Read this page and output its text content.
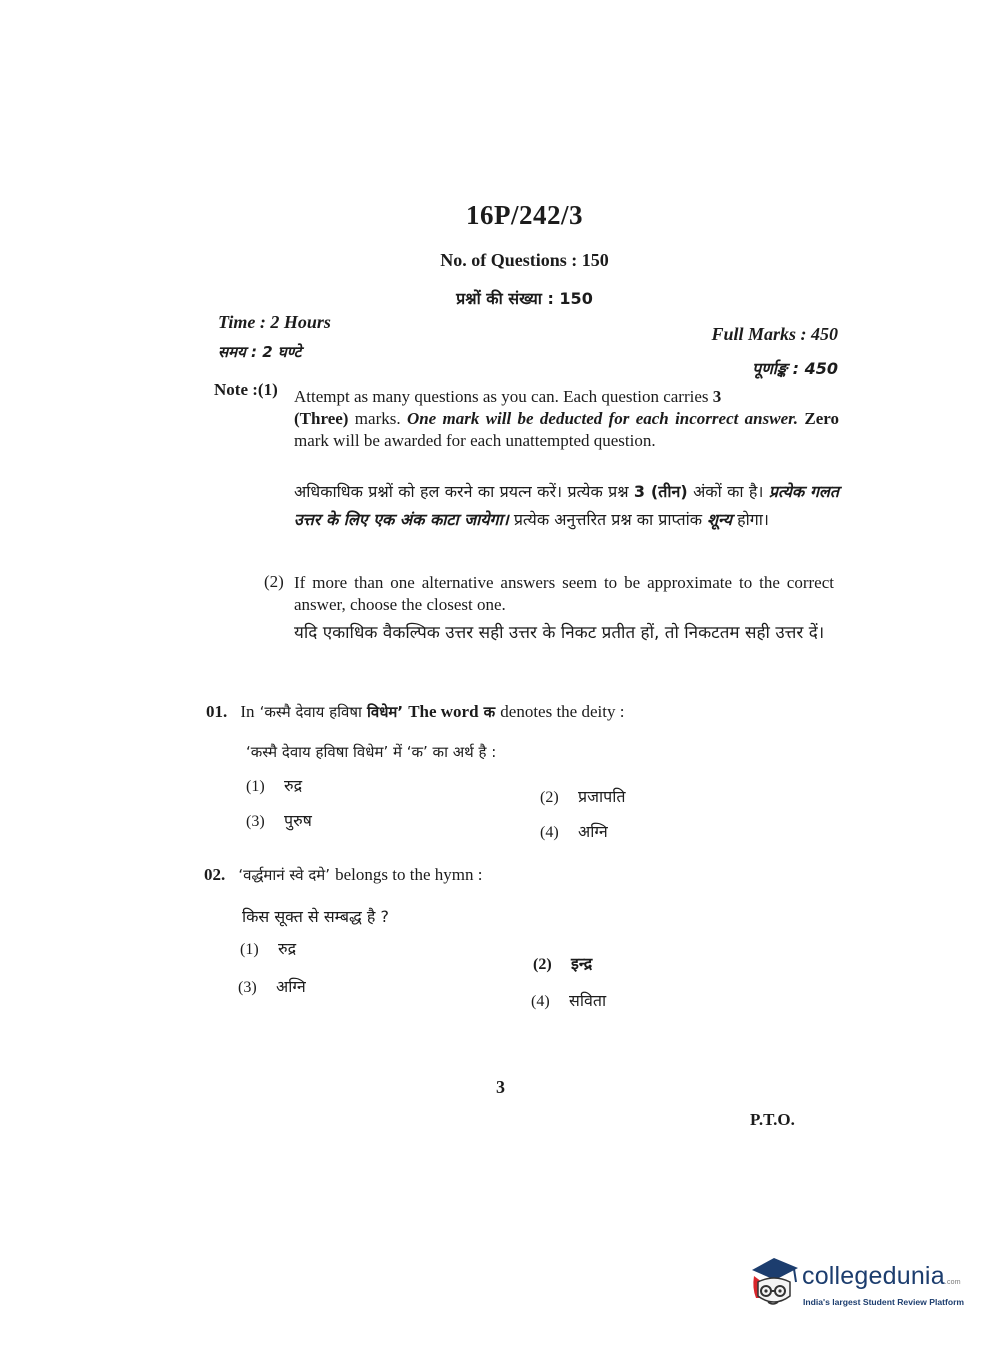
16P/242/3
No. of Questions : 150
प्रश्नों की संख्या : 150
Time : 2 Hours
समय : 2 घण्टे
Full Marks : 450
पूर्णाङ्क : 450
Note :(1) Attempt as many questions as you can. Each question carries 3
(Three) marks. One mark will be deducted for each incorrect answer. Zero mark will be awarded for each unattempted question.
अधिकाधिक प्रश्नों को हल करने का प्रयत्न करें। प्रत्येक प्रश्न 3 (तीन) अंकों का है। प्रत्येक गलत उत्तर के लिए एक अंक काटा जायेगा। प्रत्येक अनुत्तरित प्रश्न का प्राप्तांक शून्य होगा।
(2) If more than one alternative answers seem to be approximate to the correct answer, choose the closest one.
यदि एकाधिक वैकल्पिक उत्तर सही उत्तर के निकट प्रतीत हों, तो निकटतम सही उत्तर दें।
01. In ‘कस्मै देवाय हविषा विधेम’ The word क denotes the deity :
‘कस्मै देवाय हविषा विधेम’ में ‘क’ का अर्थ है :
(1) रुद्र
(2) प्रजापति
(3) पुरुष
(4) अग्नि
02. ‘वर्द्धमानं स्वे दमे’ belongs to the hymn :
किस सूक्त से सम्बद्ध है ?
(1) रुद्र
(2) इन्द्र
(3) अग्नि
(4) सविता
3
P.T.O.
collegedunia.com
India's largest Student Review Platform
